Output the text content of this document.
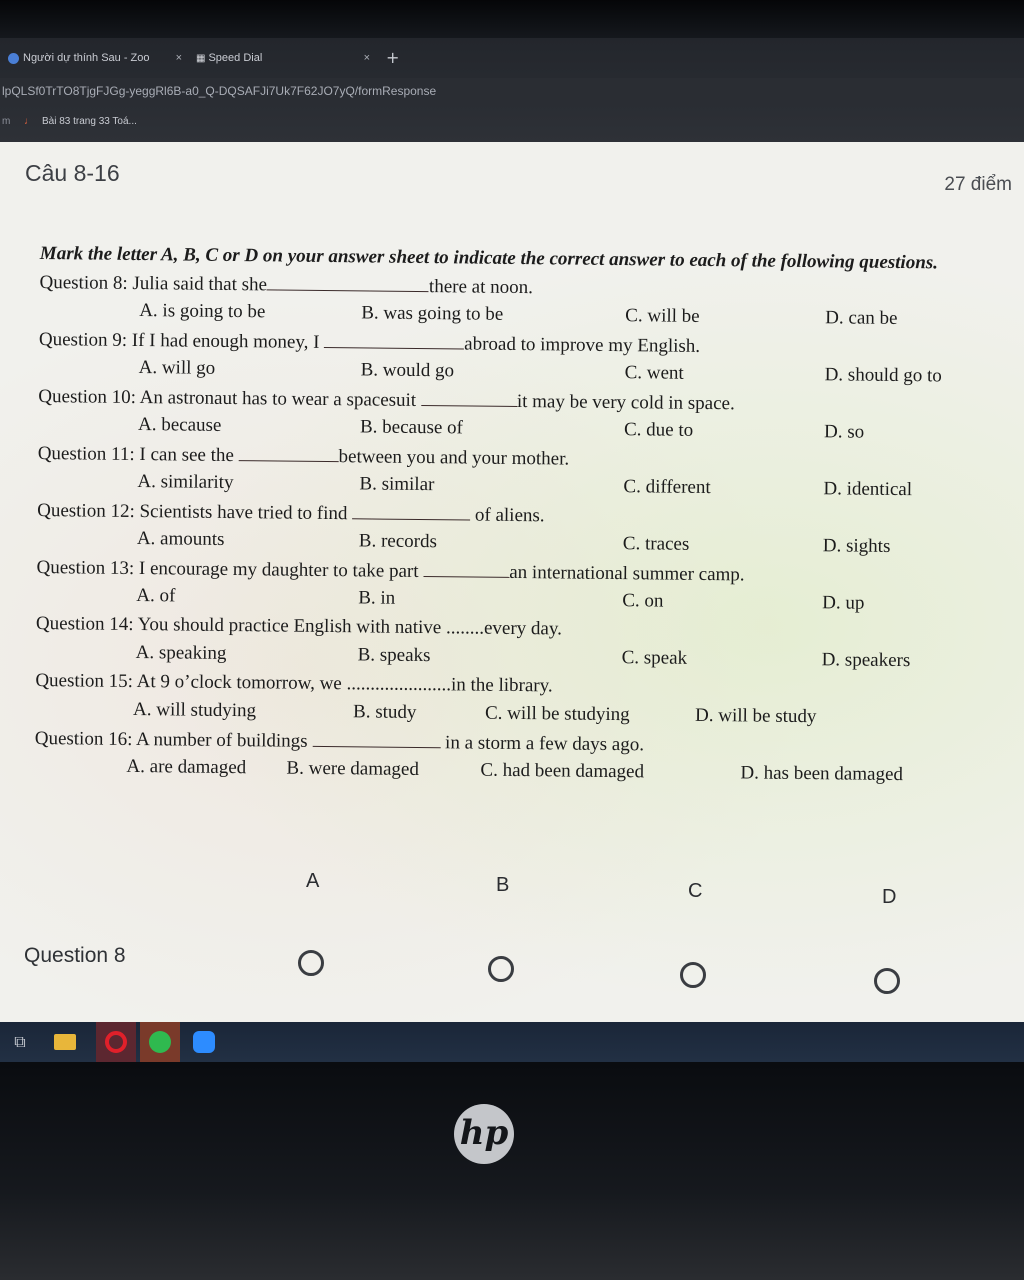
Người dự thính Sau - Zoo × ▦ Speed Dial	× +
lpQLSf0TrTO8TjgFJGg-yeggRl6B-a0_Q-DQSAFJi7Uk7F62JO7yQ/formResponse
m ♩ Bài 83 trang 33 Toá...
Câu 8-16	27 điểm
Mark the letter A, B, C or D on your answer sheet to indicate the correct answer to each of the following questions.
Question 8: Julia said that she	there at noon.
A. is going to be	B. was going to be	C. will be	D. can be
Question 9: If I had enough money, I	abroad to improve my English.
A. will go	B. would go	C. went	D. should go to
Question 10: An astronaut has to wear a spacesuit	it may be very cold in space.
A. because	B. because of	C. due to	D. so
Question 11: I can see the	between you and your mother.
A. similarity	B. similar	C. different	D. identical
Question 12: Scientists have tried to find	of aliens.
A. amounts	B. records	C. traces	D. sights
Question 13: I encourage my daughter to take part	an international summer camp.
A. of	B. in	C. on	D. up
Question 14: You should practice English with native ........every day.
A. speaking	B. speaks	C. speak	D. speakers
Question 15: At 9 o’clock tomorrow, we ......................in the library.
A. will studying	B. study	C. will be studying	D. will be study
Question 16: A number of buildings	in a storm a few days ago.
A. are damaged B. were damaged	C. had been damaged	D. has been damaged
A	B	C	D
Question 8
⧉
hp
